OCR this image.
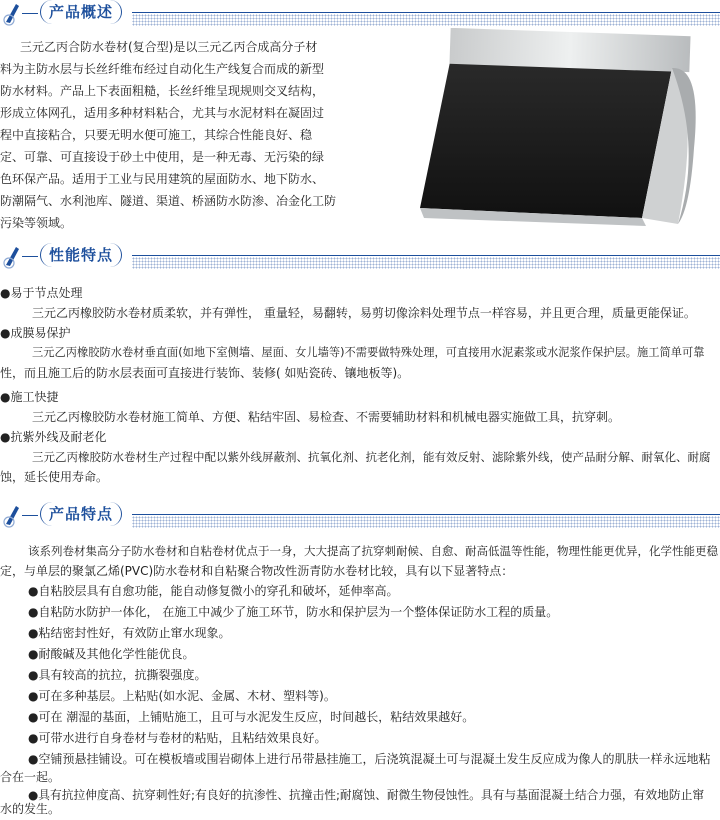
产品概述
三元乙丙合防水卷材(复合型)是以三元乙丙合成高分子材
料为主防水层与长丝纤维布经过自动化生产线复合而成的新型
防水材料。产品上下表面粗糙，长丝纤维呈现规则交叉结构，
形成立体网孔，适用多种材料粘合，尤其与水泥材料在凝固过
程中直接粘合，只要无明水便可施工，其综合性能良好、稳
定、可靠、可直接设于砂土中使用，是一种无毒、无污染的绿
色环保产品。适用于工业与民用建筑的屋面防水、地下防水、
防潮隔气、水利池库、隧道、渠道、桥涵防水防渗、冶金化工防
污染等领域。
性能特点
●易于节点处理
三元乙丙橡胶防水卷材质柔软，并有弹性， 重量轻，易翻转，易剪切像涂料处理节点一样容易，并且更合理，质量更能保证。
●成膜易保护
三元乙丙橡胶防水卷材垂直面(如地下室侧墙、屋面、女儿墙等)不需要做特殊处理，可直接用水泥素浆或水泥浆作保护层。施工简单可靠
性，而且施工后的防水层表面可直接进行装饰、装修( 如贴瓷砖、镶地板等)。
●施工快捷
三元乙丙橡胶防水卷材施工简单、方便、粘结牢固、易检查、不需要辅助材料和机械电器实施做工具，抗穿刺。
●抗紫外线及耐老化
三元乙丙橡胶防水卷材生产过程中配以紫外线屏蔽剂、抗氧化剂、抗老化剂，能有效反射、滤除紫外线，使产品耐分解、耐氧化、耐腐
蚀，延长使用寿命。
产品特点
该系列卷材集高分子防水卷材和自粘卷材优点于一身，大大提高了抗穿刺耐候、自愈、耐高低温等性能，物理性能更优异，化学性能更稳
定，与单层的聚氯乙烯(PVC)防水卷材和自粘聚合物改性沥青防水卷材比较，具有以下显著特点：
●自粘胶层具有自愈功能，能自动修复微小的穿孔和破坏，延伸率高。
●自粘防水防护一体化， 在施工中减少了施工环节，防水和保护层为一个整体保证防水工程的质量。
●粘结密封性好，有效防止窜水现象。
●耐酸碱及其他化学性能优良。
●具有较高的抗拉，抗撕裂强度。
●可在多种基层。上粘贴(如水泥、金属、木材、塑料等)。
●可在 潮湿的基面，上铺贴施工，且可与水泥发生反应，时间越长，粘结效果越好。
●可带水进行自身卷材与卷材的粘贴，且粘结效果良好。
●空铺预悬挂铺设。可在模板墙或围岩砌体上进行吊带悬挂施工，后浇筑混凝土可与混凝土发生反应成为像人的肌肤一样永远地粘
合在一起。
●具有抗拉伸度高、抗穿刺性好;有良好的抗渗性、抗撞击性;耐腐蚀、耐微生物侵蚀性。具有与基面混凝土结合力强，有效地防止窜
水的发生。
